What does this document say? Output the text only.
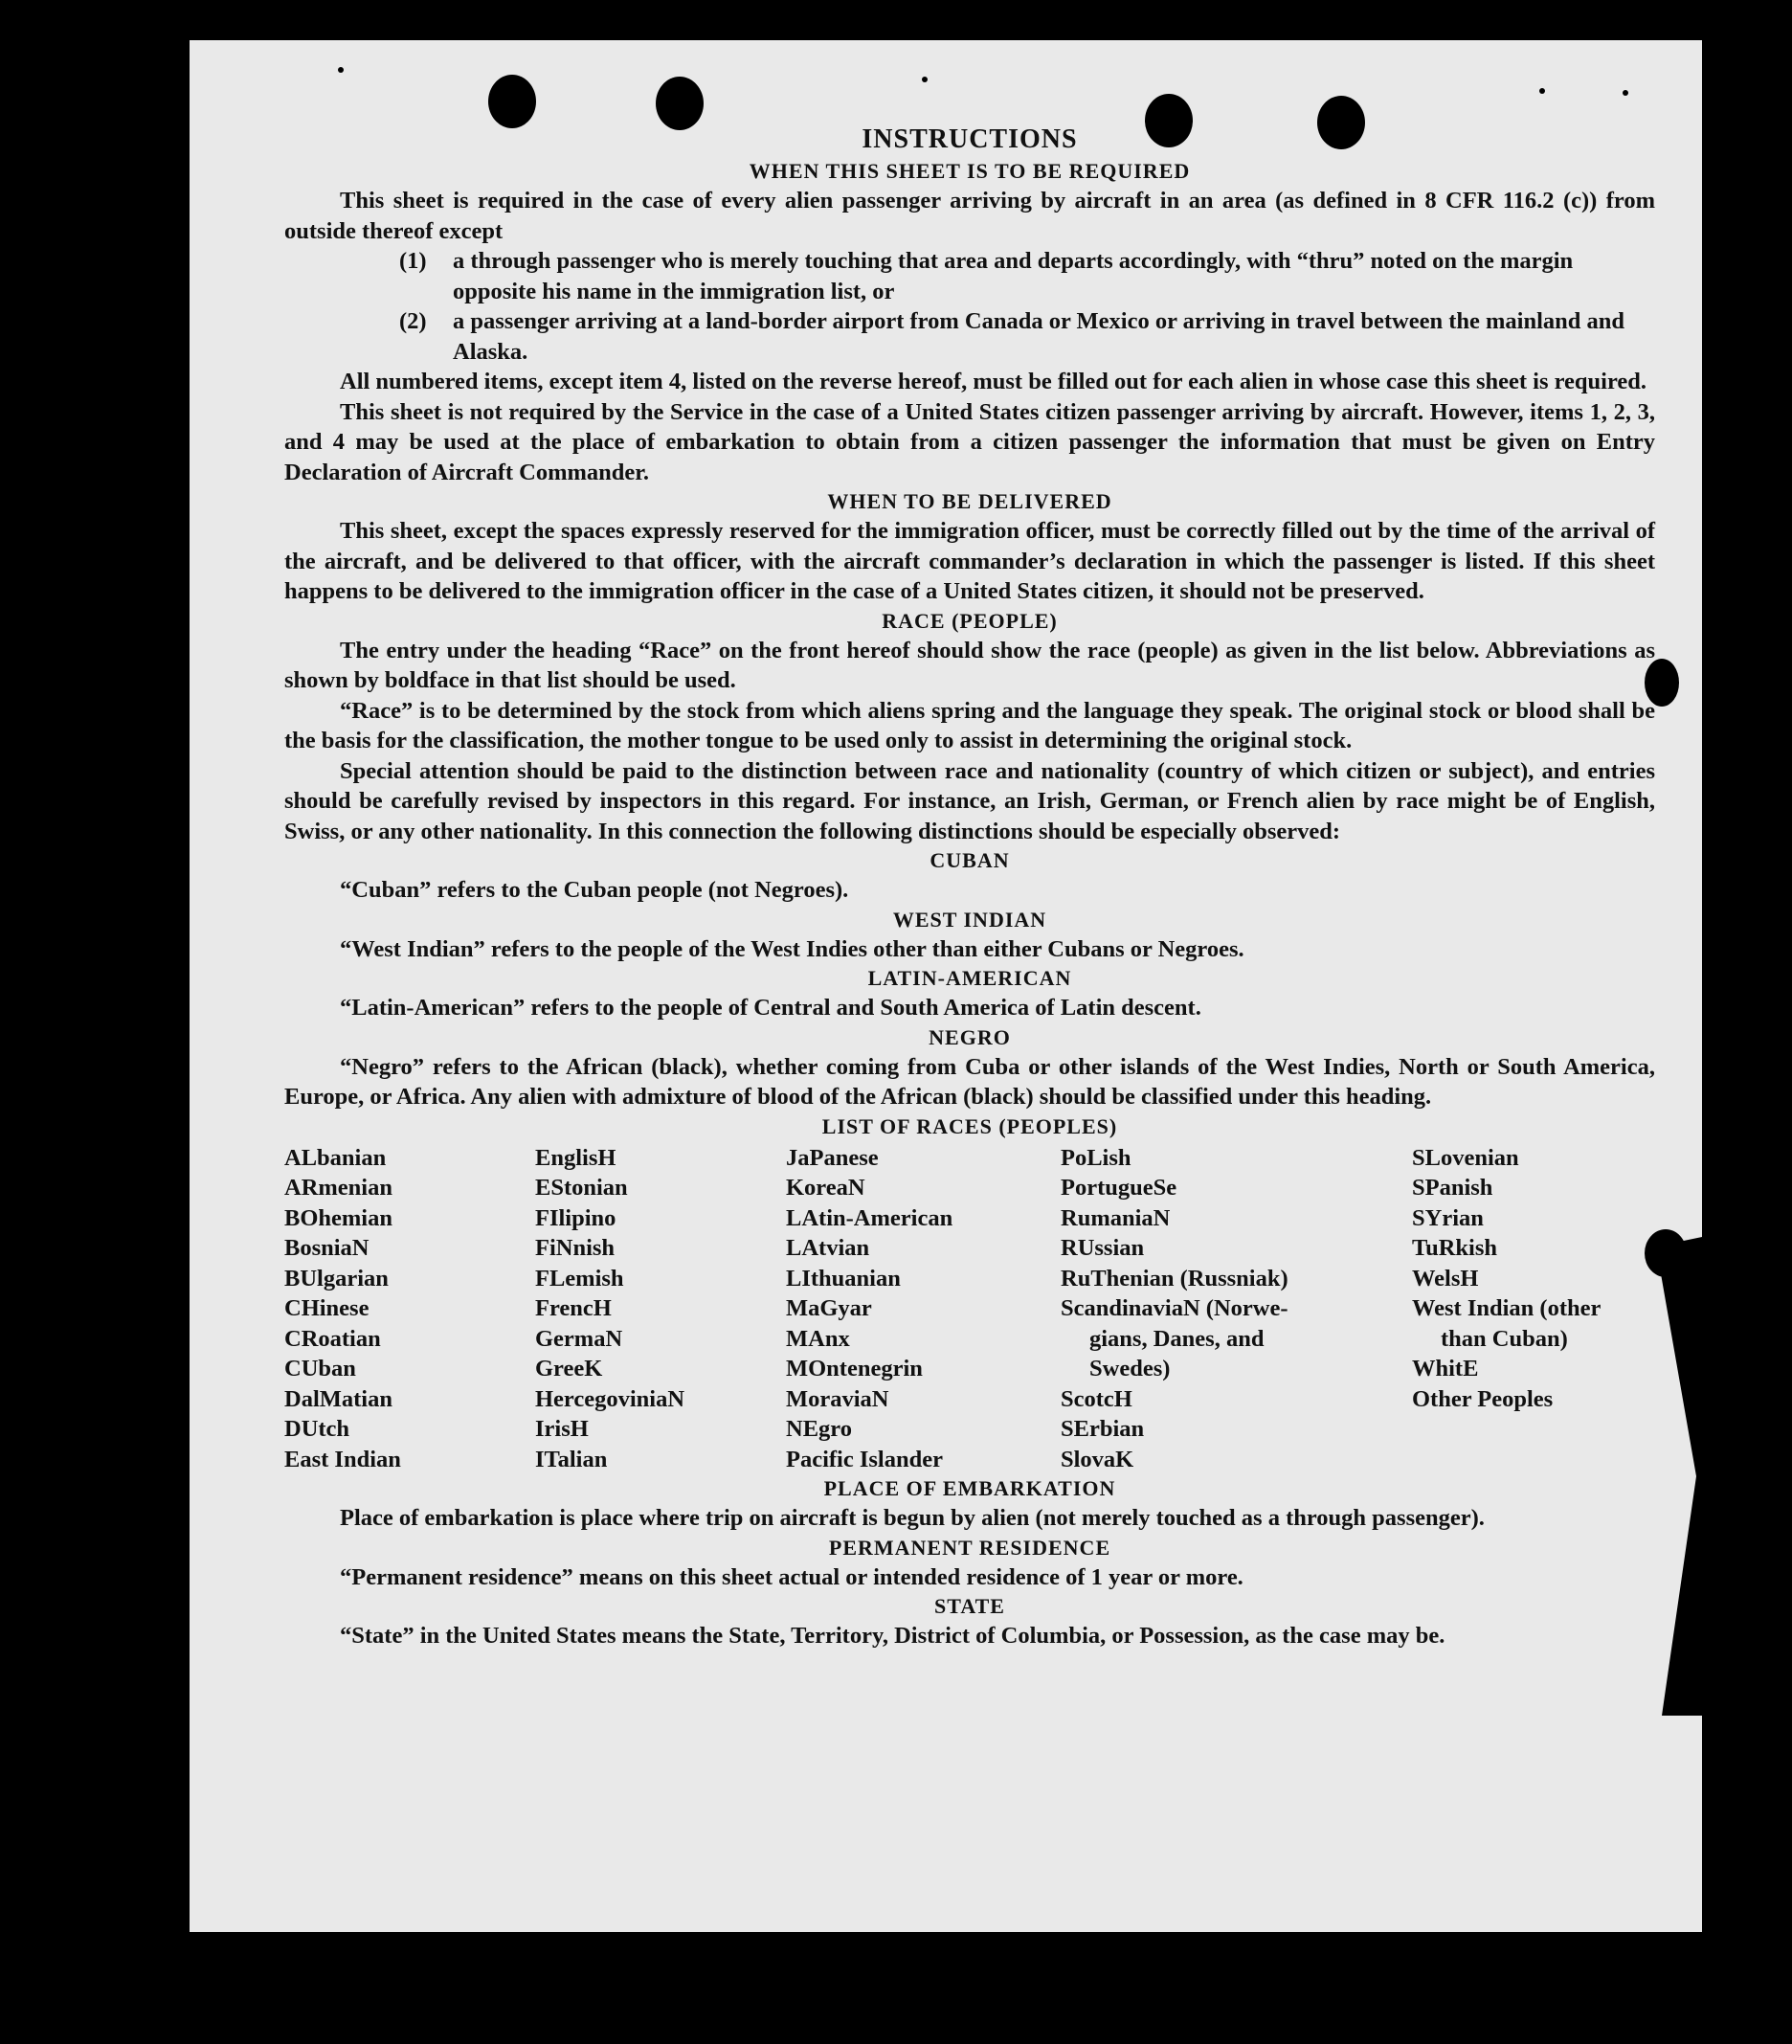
INSTRUCTIONS
WHEN THIS SHEET IS TO BE REQUIRED

This sheet is required in the case of every alien passenger arriving by aircraft in an area (as defined in 8 CFR 116.2 (c)) from outside thereof except

(1)	a through passenger who is merely touching that area and departs accordingly, with “thru” noted on the margin opposite his name in the immigration list, or
(2)	a passenger arriving at a land-border airport from Canada or Mexico or arriving in travel between the mainland and Alaska.

All numbered items, except item 4, listed on the reverse hereof, must be filled out for each alien in whose case this sheet is required.

This sheet is not required by the Service in the case of a United States citizen passenger arriving by aircraft. However, items 1, 2, 3, and 4 may be used at the place of embarkation to obtain from a citizen passenger the information that must be given on Entry Declaration of Aircraft Commander.

WHEN TO BE DELIVERED

This sheet, except the spaces expressly reserved for the immigration officer, must be correctly filled out by the time of the arrival of the aircraft, and be delivered to that officer, with the aircraft commander’s declaration in which the passenger is listed. If this sheet happens to be delivered to the immigration officer in the case of a United States citizen, it should not be preserved.

RACE (PEOPLE)

The entry under the heading “Race” on the front hereof should show the race (people) as given in the list below. Abbreviations as shown by boldface in that list should be used.

“Race” is to be determined by the stock from which aliens spring and the language they speak. The original stock or blood shall be the basis for the classification, the mother tongue to be used only to assist in determining the original stock.

Special attention should be paid to the distinction between race and nationality (country of which citizen or subject), and entries should be carefully revised by inspectors in this regard. For instance, an Irish, German, or French alien by race might be of English, Swiss, or any other nationality. In this connection the following distinctions should be especially observed:

CUBAN

“Cuban” refers to the Cuban people (not Negroes).

WEST INDIAN

“West Indian” refers to the people of the West Indies other than either Cubans or Negroes.

LATIN-AMERICAN

“Latin-American” refers to the people of Central and South America of Latin descent.

NEGRO

“Negro” refers to the African (black), whether coming from Cuba or other islands of the West Indies, North or South America, Europe, or Africa. Any alien with admixture of blood of the African (black) should be classified under this heading.

LIST OF RACES (PEOPLES)
ALbanian
ARmenian
BOhemian
BosniaN
BUlgarian
CHinese
CRoatian
CUban
DalMatian
DUtch
East Indian
EnglisH
EStonian
FIlipino
FiNnish
FLemish
FrencH
GermaN
GreeK
HercegoviniaN
IrisH
ITalian
JaPanese
KoreaN
LAtin-American
LAtvian
LIthuanian
MaGyar
MAnx
MOntenegrin
MoraviaN
NEgro
Pacific Islander
PoLish
PortugueSe
RumaniaN
RUssian
RuThenian (Russniak)
ScandinaviaN (Norwe-
gians, Danes, and
Swedes)
ScotcH
SErbian
SlovaK
SLovenian
SPanish
SYrian
TuRkish
WelsH
West Indian (other
than Cuban)
WhitE
Other Peoples
PLACE OF EMBARKATION

Place of embarkation is place where trip on aircraft is begun by alien (not merely touched as a through passenger).

PERMANENT RESIDENCE

“Permanent residence” means on this sheet actual or intended residence of 1 year or more.

STATE

“State” in the United States means the State, Territory, District of Columbia, or Possession, as the case may be.
